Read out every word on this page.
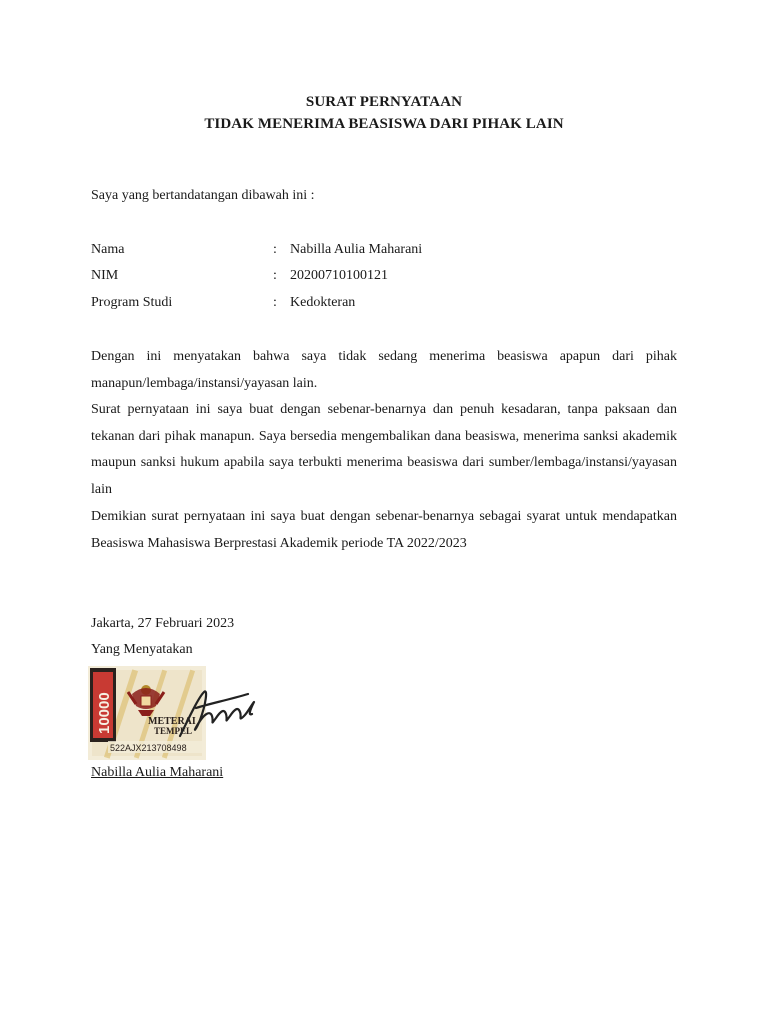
SURAT PERNYATAAN
TIDAK MENERIMA BEASISWA DARI PIHAK LAIN
Saya yang bertandatangan dibawah ini :
Nama	: Nabilla Aulia Maharani
NIM	: 20200710100121
Program Studi	: Kedokteran
Dengan ini menyatakan bahwa saya tidak sedang menerima beasiswa apapun dari pihak manapun/lembaga/instansi/yayasan lain.
Surat pernyataan ini saya buat dengan sebenar-benarnya dan penuh kesadaran, tanpa paksaan dan tekanan dari pihak manapun. Saya bersedia mengembalikan dana beasiswa, menerima sanksi akademik maupun sanksi hukum apabila saya terbukti menerima beasiswa dari sumber/lembaga/instansi/yayasan lain
Demikian surat pernyataan ini saya buat dengan sebenar-benarnya sebagai syarat untuk mendapatkan Beasiswa Mahasiswa Berprestasi Akademik periode TA 2022/2023
Jakarta, 27 Februari 2023
Yang Menyatakan
10000	METERAI
TEMPEL
522AJX213708498
Nabilla Aulia Maharani
